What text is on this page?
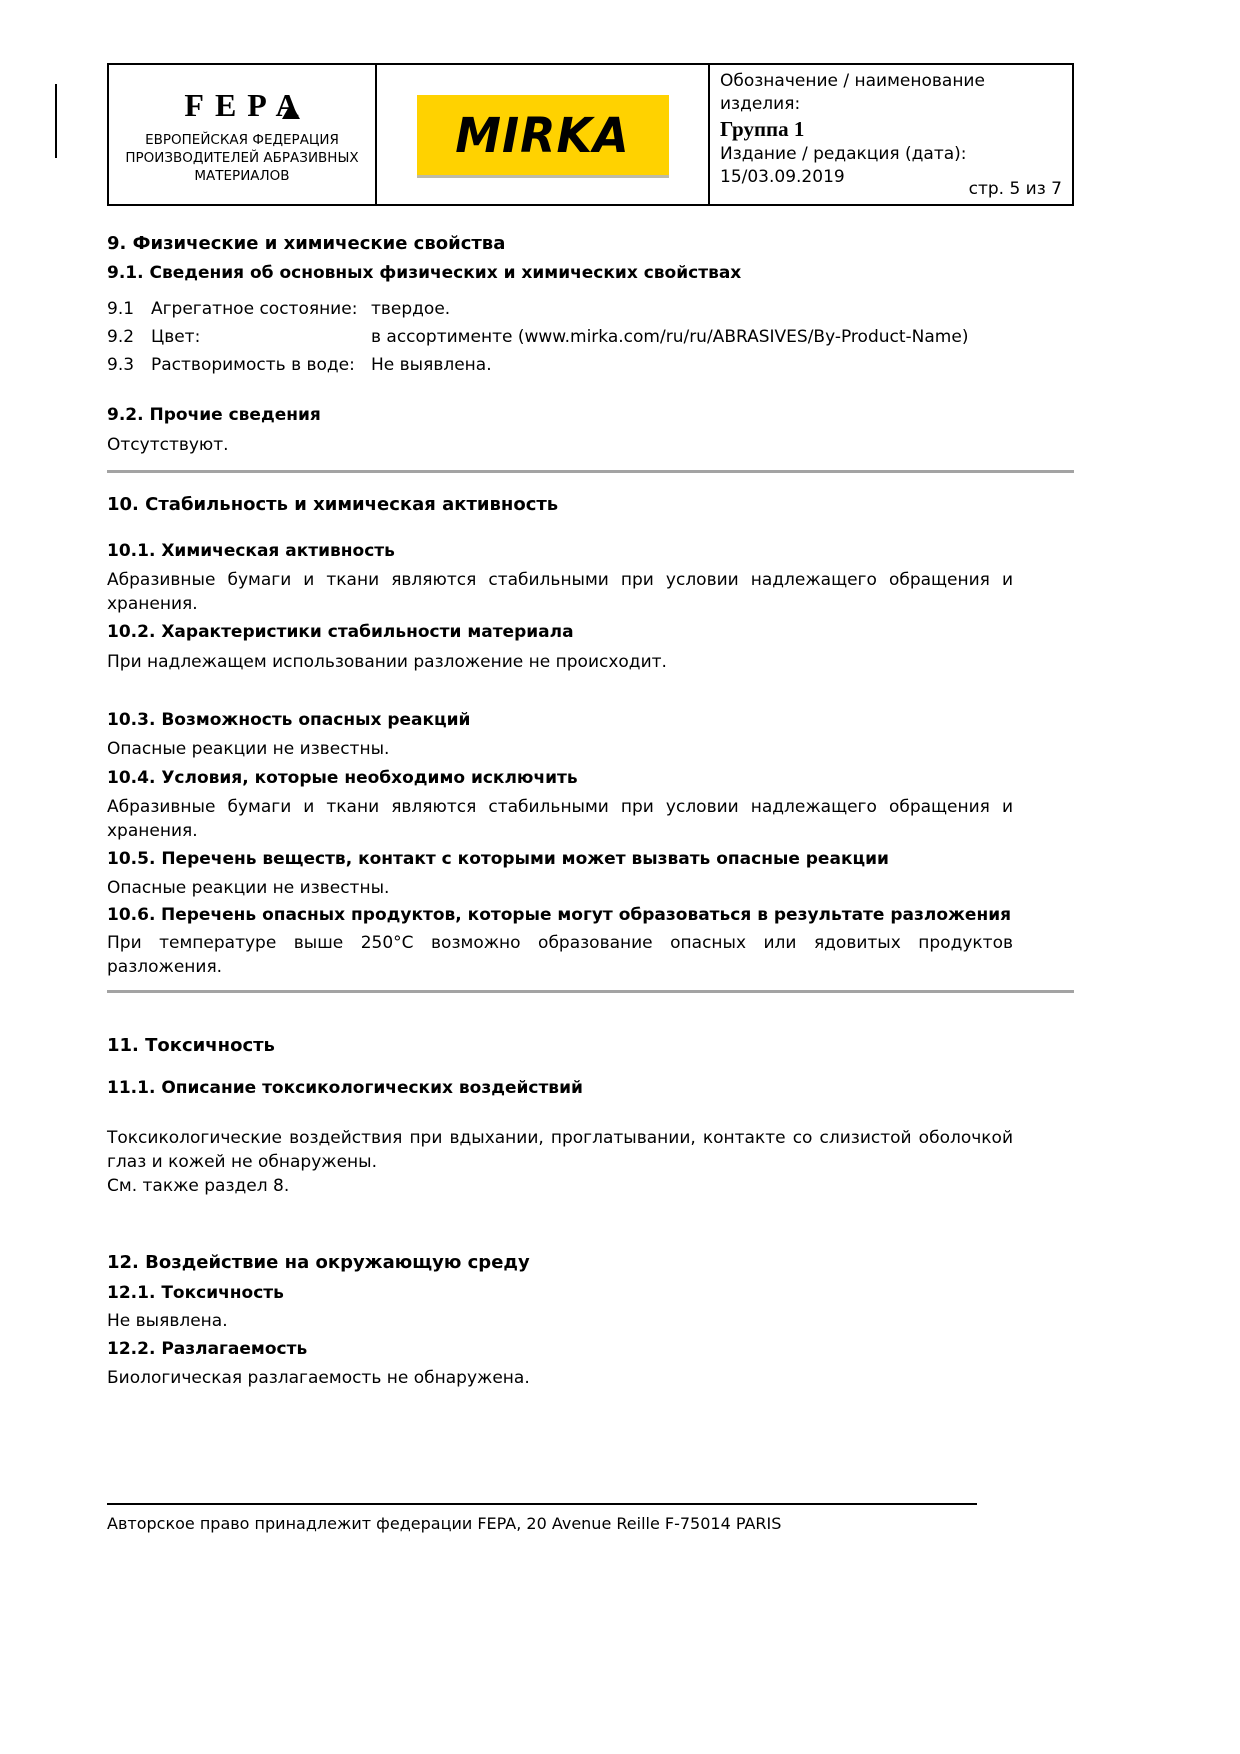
FEPA
ЕВРОПЕЙСКАЯ ФЕДЕРАЦИЯ
ПРОИЗВОДИТЕЛЕЙ АБРАЗИВНЫХ
МАТЕРИАЛОВ
MIRKA
Обозначение / наименование изделия:
Группа 1
Издание / редакция (дата):
15/03.09.2019
стр. 5 из 7
9. Физические и химические свойства
9.1. Сведения об основных физических и химических свойствах
9.1 Агрегатное состояние: твердое.
9.2 Цвет:	в ассортименте (www.mirka.com/ru/ru/ABRASIVES/By-Product-Name)
9.3 Растворимость в воде: Не выявлена.
9.2. Прочие сведения
Отсутствуют.
10. Стабильность и химическая активность
10.1. Химическая активность
Абразивные бумаги и ткани являются стабильными при условии надлежащего обращения и хранения.
10.2. Характеристики стабильности материала
При надлежащем использовании разложение не происходит.
10.3. Возможность опасных реакций
Опасные реакции не известны.
10.4. Условия, которые необходимо исключить
Абразивные бумаги и ткани являются стабильными при условии надлежащего обращения и хранения.
10.5. Перечень веществ, контакт с которыми может вызвать опасные реакции
Опасные реакции не известны.
10.6. Перечень опасных продуктов, которые могут образоваться в результате разложения
При температуре выше 250°C возможно образование опасных или ядовитых продуктов разложения.
11. Токсичность
11.1. Описание токсикологических воздействий
Токсикологические воздействия при вдыхании, проглатывании, контакте со слизистой оболочкой глаз и кожей не обнаружены.
См. также раздел 8.
12. Воздействие на окружающую среду
12.1. Токсичность
Не выявлена.
12.2. Разлагаемость
Биологическая разлагаемость не обнаружена.
Авторское право принадлежит федерации FEPA, 20 Avenue Reille F-75014 PARIS
